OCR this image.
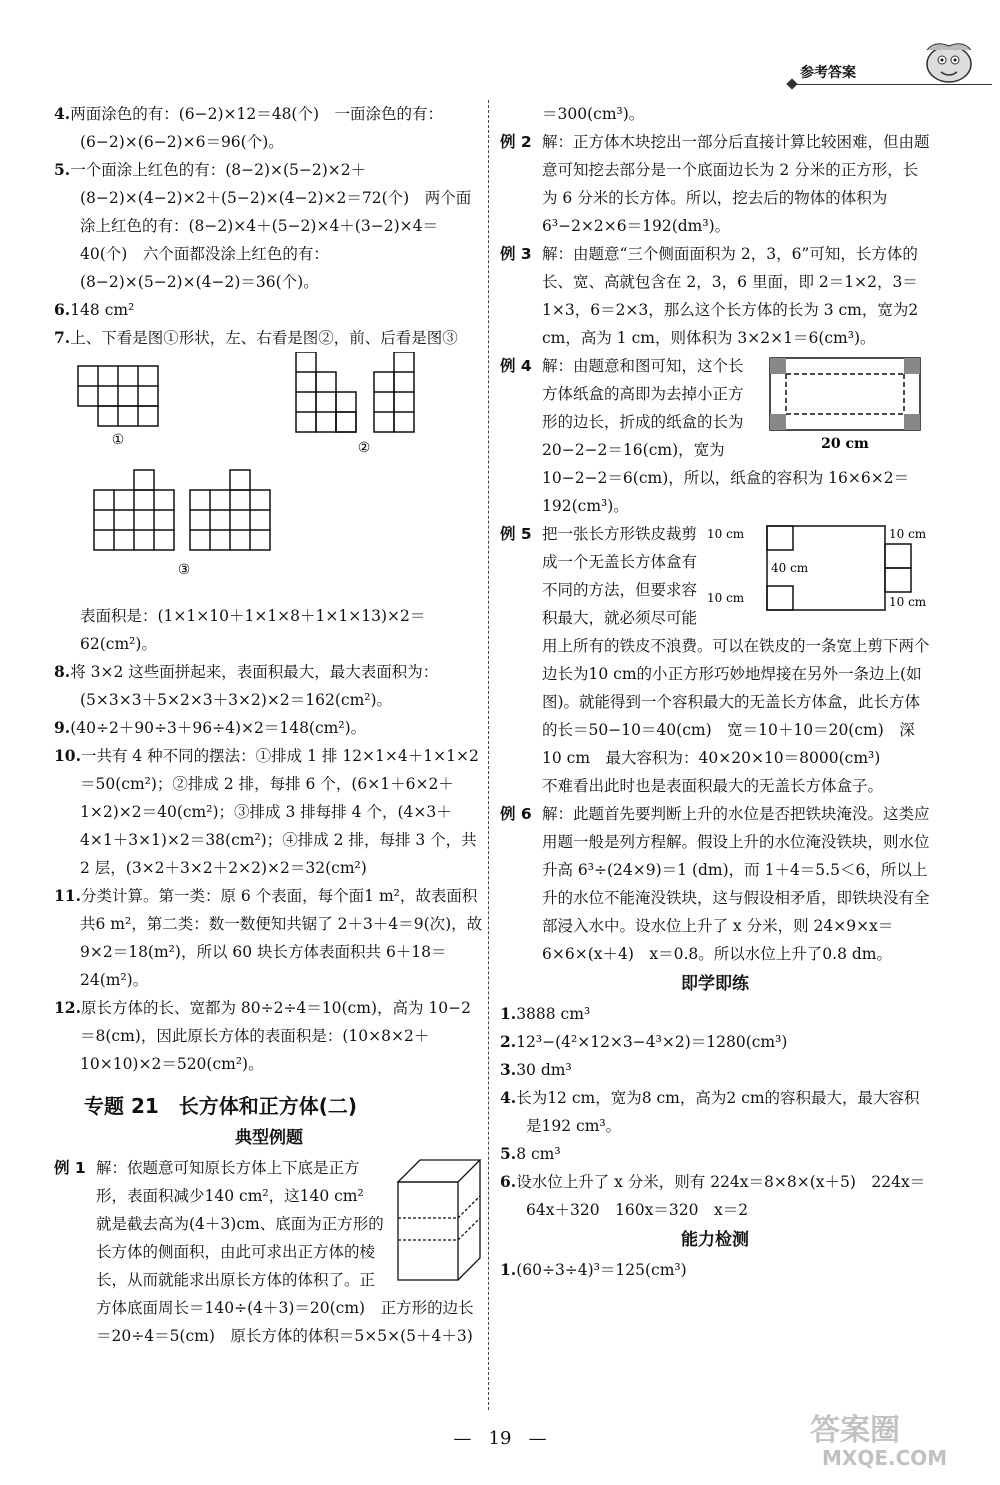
参考答案

4.两面涂色的有：(6−2)×12＝48(个)　一面涂色的有：(6−2)×(6−2)×6＝96(个)。

5.一个面涂上红色的有：(8−2)×(5−2)×2＋(8−2)×(4−2)×2＋(5−2)×(4−2)×2＝72(个)　两个面涂上红色的有：(8−2)×4＋(5−2)×4＋(3−2)×4＝40(个)　六个面都没涂上红色的有：(8−2)×(5−2)×(4−2)＝36(个)。

6.148 cm²

7.上、下看是图①形状，左、右看是图②，前、后看是图③

①	②
③

表面积是：(1×1×10＋1×1×8＋1×1×13)×2＝62(cm²)。

8.将 3×2 这些面拼起来，表面积最大，最大表面积为：(5×3×3＋5×2×3＋3×2)×2＝162(cm²)。

9.(40÷2＋90÷3＋96÷4)×2＝148(cm²)。

10.一共有 4 种不同的摆法：①排成 1 排 12×1×4＋1×1×2＝50(cm²)；②排成 2 排，每排 6 个，(6×1＋6×2＋1×2)×2＝40(cm²)；③排成 3 排每排 4 个，(4×3＋4×1＋3×1)×2＝38(cm²)；④排成 2 排，每排 3 个，共 2 层，(3×2＋3×2＋2×2)×2＝32(cm²)

11.分类计算。第一类：原 6 个表面，每个面1 m²，故表面积共6 m²，第二类：数一数便知共锯了 2＋3＋4＝9(次)，故 9×2＝18(m²)，所以 60 块长方体表面积共 6＋18＝24(m²)。

12.原长方体的长、宽都为 80÷2÷4＝10(cm)，高为 10−2＝8(cm)，因此原长方体的表面积是：(10×8×2＋10×10)×2＝520(cm²)。

专题 21　长方体和正方体(二)
典型例题
例 1 解：依题意可知原长方体上下底是正方形，表面积减少140 cm²，这140 cm² 就是截去高为(4＋3)cm、底面为正方形的长方体的侧面积，由此可求出正方体的棱长，从而就能求出原长方体的体积了。正方体底面周长＝140÷(4＋3)＝20(cm)　正方形的边长＝20÷4＝5(cm)　原长方体的体积＝5×5×(5＋4＋3)

＝300(cm³)。

例 2 解：正方体木块挖出一部分后直接计算比较困难，但由题意可知挖去部分是一个底面边长为 2 分米的正方形，长为 6 分米的长方体。所以，挖去后的物体的体积为 6³−2×2×6＝192(dm³)。
例 3 解：由题意“三个侧面面积为 2，3，6”可知，长方体的长、宽、高就包含在 2，3，6 里面，即 2＝1×2，3＝1×3，6＝2×3，那么这个长方体的长为 3 cm，宽为2 cm，高为 1 cm，则体积为 3×2×1＝6(cm³)。
例 4
20 cm
解：由题意和图可知，这个长方体纸盒的高即为去掉小正方形的边长，折成的纸盒的长为 20−2−2＝16(cm)，宽为 10−2−2＝6(cm)，所以，纸盒的容积为 16×6×2＝192(cm³)。
例 5	10 cm	10 cm
40 cm
10 cm	10 cm
把一张长方形铁皮裁剪成一个无盖长方体盒有不同的方法，但要求容积最大，就必须尽可能用上所有的铁皮不浪费。可以在铁皮的一条宽上剪下两个边长为10 cm的小正方形巧妙地焊接在另外一条边上(如图)。就能得到一个容积最大的无盖长方体盒，此长方体的长＝50−10＝40(cm)　宽＝10＋10＝20(cm)　深10 cm　最大容积为：40×20×10＝8000(cm³)
不难看出此时也是表面积最大的无盖长方体盒子。
例 6 解：此题首先要判断上升的水位是否把铁块淹没。这类应用题一般是列方程解。假设上升的水位淹没铁块，则水位升高 6³÷(24×9)＝1 (dm)，而 1＋4＝5.5＜6，所以上升的水位不能淹没铁块，这与假设相矛盾，即铁块没有全部浸入水中。设水位上升了 x 分米，则 24×9×x＝6×6×(x＋4)　x＝0.8。所以水位上升了0.8 dm。
即学即练

1.3888 cm³

2.12³−(4²×12×3−4³×2)＝1280(cm³)

3.30 dm³

4.长为12 cm，宽为8 cm，高为2 cm的容积最大，最大容积是192 cm³。

5.8 cm³

6.设水位上升了 x 分米，则有 224x＝8×8×(x＋5)　224x＝64x＋320　160x＝320　x＝2

能力检测

1.(60÷3÷4)³＝125(cm³)

— 19 —	答案圈
MXQE.COM
